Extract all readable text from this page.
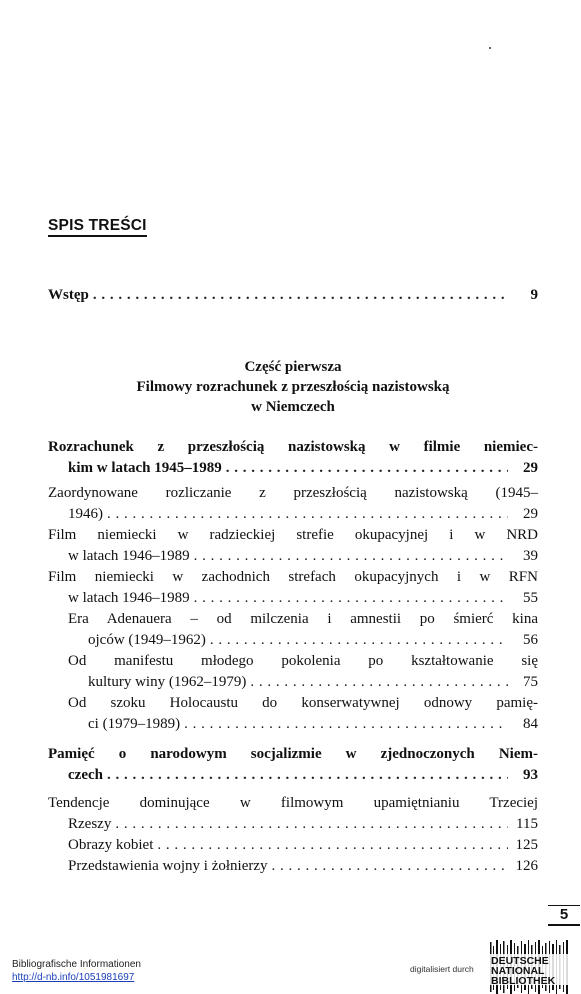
SPIS TREŚCI
Wstęp . . .	9
Część pierwsza
Filmowy rozrachunek z przeszłością nazistowską
w Niemczech
Rozrachunek z przeszłością nazistowską w filmie niemiec-
kim w latach 1945–1989 . . .	29
Zaordynowane rozliczanie z przeszłością nazistowską (1945–
1946) . . .	29
Film niemiecki w radzieckiej strefie okupacyjnej i w NRD
w latach 1946–1989 . . .	39
Film niemiecki w zachodnich strefach okupacyjnych i w RFN
w latach 1946–1989 . . .	55
Era Adenauera – od milczenia i amnestii po śmierć kina
ojców (1949–1962) . . .	56
Od manifestu młodego pokolenia po kształtowanie się
kultury winy (1962–1979) . . .	75
Od szoku Holocaustu do konserwatywnej odnowy pamię-
ci (1979–1989) . . .	84
Pamięć o narodowym socjalizmie w zjednoczonych Niem-
czech . . .	93
Tendencje dominujące w filmowym upamiętnianiu Trzeciej
Rzeszy . . .	115
Obrazy kobiet . . .	125
Przedstawienia wojny i żołnierzy . . .	126
5
Bibliografische Informationen
http://d-nb.info/1051981697
digitalisiert durch
DEUTSCHE
NATIONAL
BIBLIOTHEK
